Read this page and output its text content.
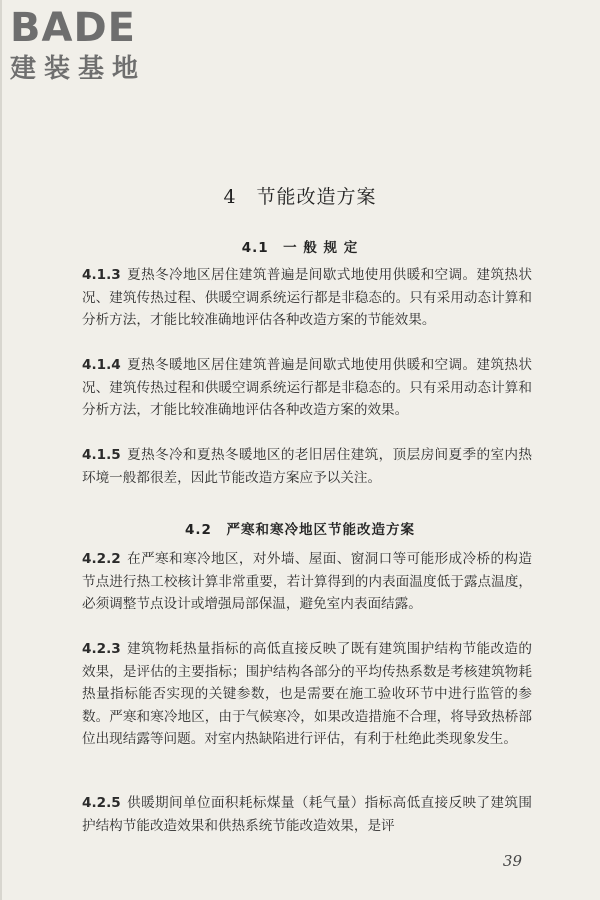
BADE
建装基地
4　节能改造方案
4.1　一 般 规 定

4.1.3 夏热冬冷地区居住建筑普遍是间歇式地使用供暖和空调。建筑热状况、建筑传热过程、供暖空调系统运行都是非稳态的。只有采用动态计算和分析方法，才能比较准确地评估各种改造方案的节能效果。

4.1.4 夏热冬暖地区居住建筑普遍是间歇式地使用供暖和空调。建筑热状况、建筑传热过程和供暖空调系统运行都是非稳态的。只有采用动态计算和分析方法，才能比较准确地评估各种改造方案的效果。

4.1.5 夏热冬冷和夏热冬暖地区的老旧居住建筑，顶层房间夏季的室内热环境一般都很差，因此节能改造方案应予以关注。

4.2　严寒和寒冷地区节能改造方案

4.2.2 在严寒和寒冷地区，对外墙、屋面、窗洞口等可能形成冷桥的构造节点进行热工校核计算非常重要，若计算得到的内表面温度低于露点温度，必须调整节点设计或增强局部保温，避免室内表面结露。

4.2.3 建筑物耗热量指标的高低直接反映了既有建筑围护结构节能改造的效果，是评估的主要指标；围护结构各部分的平均传热系数是考核建筑物耗热量指标能否实现的关键参数，也是需要在施工验收环节中进行监管的参数。严寒和寒冷地区，由于气候寒冷，如果改造措施不合理，将导致热桥部位出现结露等问题。对室内热缺陷进行评估，有利于杜绝此类现象发生。

4.2.5 供暖期间单位面积耗标煤量（耗气量）指标高低直接反映了建筑围护结构节能改造效果和供热系统节能改造效果，是评

39
